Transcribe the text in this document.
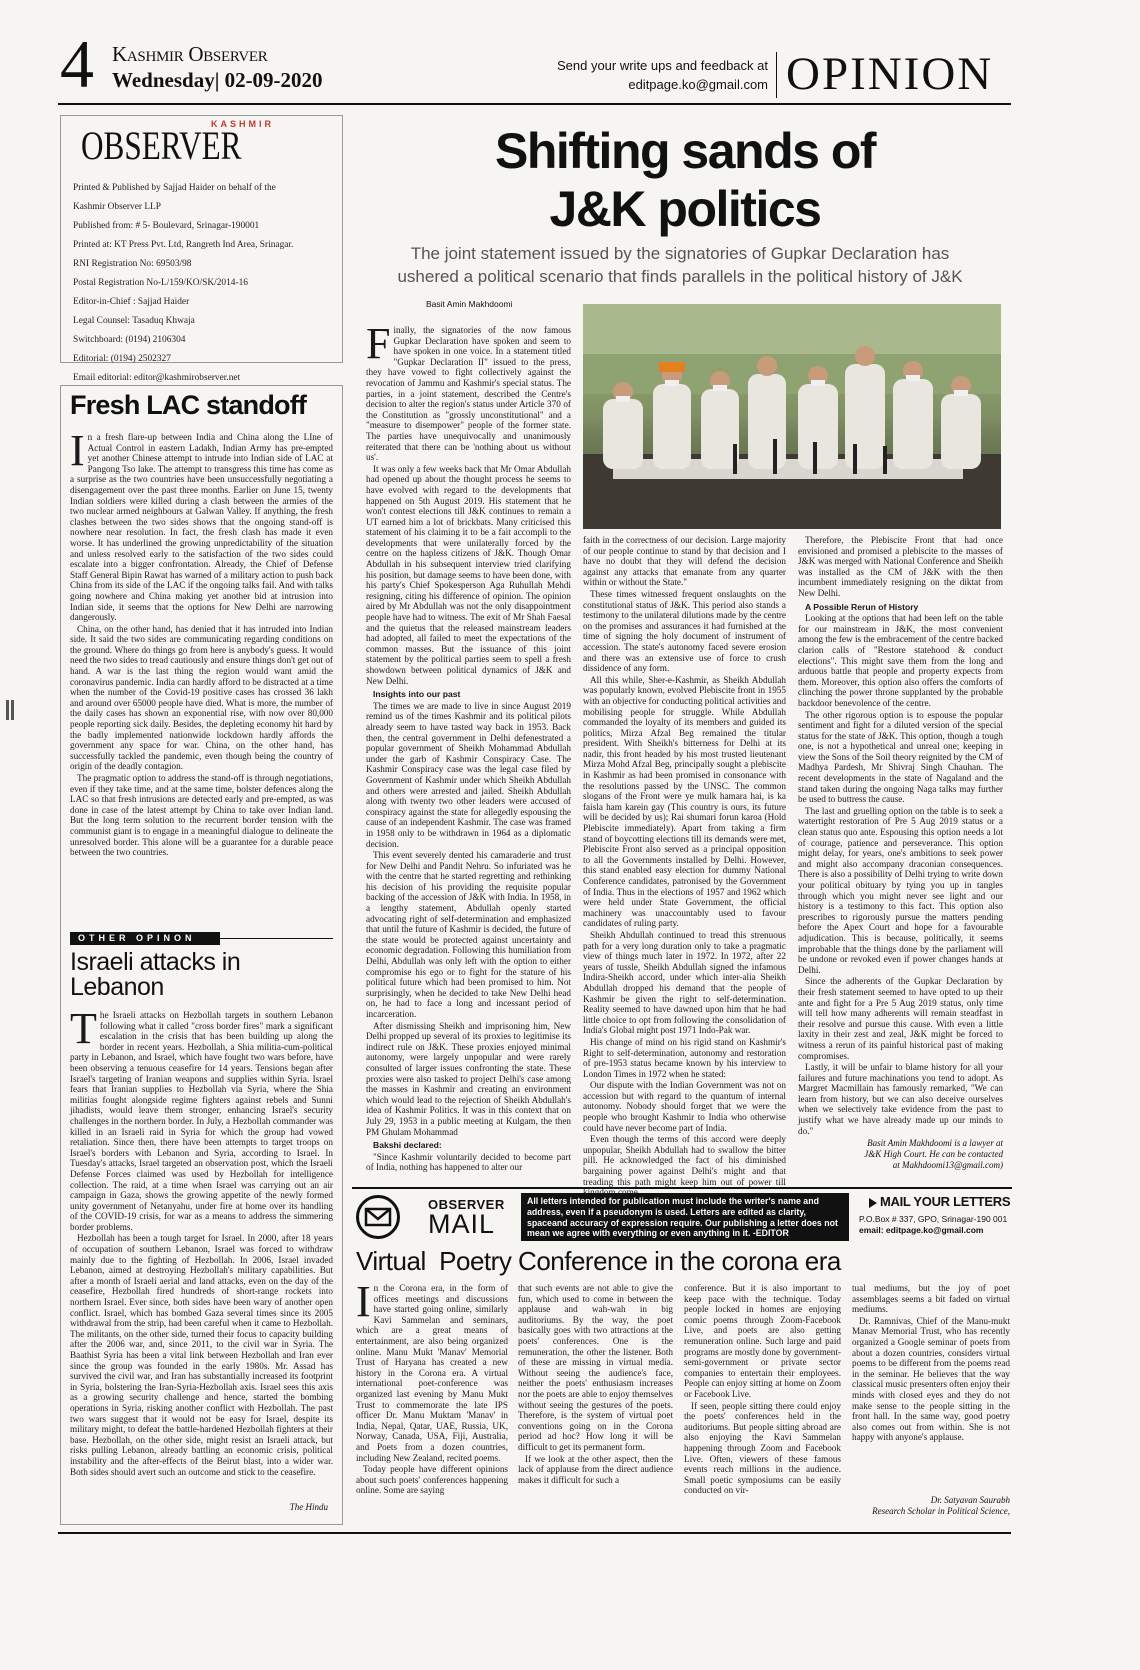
4 Kashmir Observer
Wednesday| 02-09-2020
Send your write ups and feedback at
editpage.ko@gmail.com OPINION
KASHMIR
OBSERVER
Printed & Published by Sajjad Haider on behalf of the
Kashmir Observer LLP
Published from: # 5- Boulevard, Srinagar-190001
Printed at: KT Press Pvt. Ltd, Rangreth Ind Area, Srinagar.
RNI Registration No: 69503/98
Postal Registration No-L/159/KO/SK/2014-16
Editor-in-Chief : Sajjad Haider
Legal Counsel: Tasaduq Khwaja
Switchboard: (0194) 2106304
Editorial: (0194) 2502327
Email editorial: editor@kashmirobserver.net
Fresh LAC standoff

In a fresh flare-up between India and China along the LIne of Actual Control in eastern Ladakh, Indian Army has pre-empted yet another Chinese attempt to intrude into Indian side of LAC at Pangong Tso lake. The attempt to transgress this time has come as a surprise as the two countries have been unsuccessfully negotiating a disengagement over the past three months. Earlier on June 15, twenty Indian soldiers were killed during a clash between the armies of the two nuclear armed neighbours at Galwan Valley. If anything, the fresh clashes between the two sides shows that the ongoing stand-off is nowhere near resolution. In fact, the fresh clash has made it even worse. It has underlined the growing unpredictability of the situation and unless resolved early to the satisfaction of the two sides could escalate into a bigger confrontation. Already, the Chief of Defense Staff General Bipin Rawat has warned of a military action to push back China from its side of the LAC if the ongoing talks fail. And with talks going nowhere and China making yet another bid at intrusion into Indian side, it seems that the options for New Delhi are narrowing dangerously.

China, on the other hand, has denied that it has intruded into Indian side. It said the two sides are communicating regarding conditions on the ground. Where do things go from here is anybody's guess. It would need the two sides to tread cautiously and ensure things don't get out of hand. A war is the last thing the region would want amid the coronavirus pandemic. India can hardly afford to be distracted at a time when the number of the Covid-19 positive cases has crossed 36 lakh and around over 65000 people have died. What is more, the number of the daily cases has shown an exponential rise, with now over 80,000 people reporting sick daily. Besides, the depleting economy hit hard by the badly implemented nationwide lockdown hardly affords the government any space for war. China, on the other hand, has successfully tackled the pandemic, even though being the country of origin of the deadly contagion.

The pragmatic option to address the stand-off is through negotiations, even if they take time, and at the same time, bolster defences along the LAC so that fresh intrusions are detected early and pre-empted, as was done in case of the latest attempt by China to take over Indian land. But the long term solution to the recurrent border tension with the communist giant is to engage in a meaningful dialogue to delineate the unresolved border. This alone will be a guarantee for a durable peace between the two countries.

OTHER OPINON
Israeli attacks in Lebanon

The Israeli attacks on Hezbollah targets in southern Lebanon following what it called "cross border fires" mark a significant escalation in the crisis that has been building up along the border in recent years. Hezbollah, a Shia militia-cum-political party in Lebanon, and Israel, which have fought two wars before, have been observing a tenuous ceasefire for 14 years. Tensions began after Israel's targeting of Iranian weapons and supplies within Syria. Israel fears that Iranian supplies to Hezbollah via Syria, where the Shia militias fought alongside regime fighters against rebels and Sunni jihadists, would leave them stronger, enhancing Israel's security challenges in the northern border. In July, a Hezbollah commander was killed in an Israeli raid in Syria for which the group had vowed retaliation. Since then, there have been attempts to target troops on Israel's borders with Lebanon and Syria, according to Israel. In Tuesday's attacks, Israel targeted an observation post, which the Israeli Defense Forces claimed was used by Hezbollah for intelligence collection. The raid, at a time when Israel was carrying out an air campaign in Gaza, shows the growing appetite of the newly formed unity government of Netanyahu, under fire at home over its handling of the COVID-19 crisis, for war as a means to address the simmering border problems.

Hezbollah has been a tough target for Israel. In 2000, after 18 years of occupation of southern Lebanon, Israel was forced to withdraw mainly due to the fighting of Hezbollah. In 2006, Israel invaded Lebanon, aimed at destroying Hezbollah's military capabilities. But after a month of Israeli aerial and land attacks, even on the day of the ceasefire, Hezbollah fired hundreds of short-range rockets into northern Israel. Ever since, both sides have been wary of another open conflict. Israel, which has bombed Gaza several times since its 2005 withdrawal from the strip, had been careful when it came to Hezbollah. The militants, on the other side, turned their focus to capacity building after the 2006 war, and, since 2011, to the civil war in Syria. The Baathist Syria has been a vital link between Hezbollah and Iran ever since the group was founded in the early 1980s. Mr. Assad has survived the civil war, and Iran has substantially increased its footprint in Syria, bolstering the Iran-Syria-Hezbollah axis. Israel sees this axis as a growing security challenge and hence, started the bombing operations in Syria, risking another conflict with Hezbollah. The past two wars suggest that it would not be easy for Israel, despite its military might, to defeat the battle-hardened Hezbollah fighters at their base. Hezbollah, on the other side, might resist an Israeli attack, but risks pulling Lebanon, already battling an economic crisis, political instability and the after-effects of the Beirut blast, into a wider war. Both sides should avert such an outcome and stick to the ceasefire.

The Hindu
Shifting sands of
J&K politics
The joint statement issued by the signatories of Gupkar Declaration has ushered a political scenario that finds parallels in the political history of J&K
Basit Amin Makhdoomi

Finally, the signatories of the now famous Gupkar Declaration have spoken and seem to have spoken in one voice. In a statement titled "Gupkar Declaration II" issued to the press, they have vowed to fight collectively against the revocation of Jammu and Kashmir's special status. The parties, in a joint statement, described the Centre's decision to alter the region's status under Article 370 of the Constitution as "grossly unconstitutional" and a "measure to disempower" people of the former state. The parties have unequivocally and unanimously reiterated that there can be 'nothing about us without us'.

It was only a few weeks back that Mr Omar Abdullah had opened up about the thought process he seems to have evolved with regard to the developments that happened on 5th August 2019. His statement that he won't contest elections till J&K continues to remain a UT earned him a lot of brickbats. Many criticised this statement of his claiming it to be a fait accompli to the developments that were unilaterally forced by the centre on the hapless citizens of J&K. Though Omar Abdullah in his subsequent interview tried clarifying his position, but damage seems to have been done, with his party's Chief Spokesperson Aga Ruhullah Mehdi resigning, citing his difference of opinion. The opinion aired by Mr Abdullah was not the only disappointment people have had to witness. The exit of Mr Shah Faesal and the quietus that the released mainstream leaders had adopted, all failed to meet the expectations of the common masses. But the issuance of this joint statement by the political parties seem to spell a fresh showdown between political dynamics of J&K and New Delhi.

Insights into our past

The times we are made to live in since August 2019 remind us of the times Kashmir and its political pilots already seem to have tasted way back in 1953. Back then, the central government in Delhi defenestrated a popular government of Sheikh Mohammad Abdullah under the garb of Kashmir Conspiracy Case. The Kashmir Conspiracy case was the legal case filed by Government of Kashmir under which Sheikh Abdullah and others were arrested and jailed. Sheikh Abdullah along with twenty two other leaders were accused of conspiracy against the state for allegedly espousing the cause of an independent Kashmir. The case was framed in 1958 only to be withdrawn in 1964 as a diplomatic decision.

This event severely dented his camaraderie and trust for New Delhi and Pandit Nehru. So infuriated was he with the centre that he started regretting and rethinking his decision of his providing the requisite popular backing of the accession of J&K with India. In 1958, in a lengthy statement, Abdullah openly started advocating right of self-determination and emphasized that until the future of Kashmir is decided, the future of the state would be protected against uncertainty and economic degradation. Following this humiliation from Delhi, Abdullah was only left with the option to either compromise his ego or to fight for the stature of his political future which had been promised to him. Not surprisingly, when he decided to take New Delhi head on, he had to face a long and incessant period of incarceration.

After dismissing Sheikh and imprisoning him, New Delhi propped up several of its proxies to legitimise its indirect rule on J&K. These proxies enjoyed minimal autonomy, were largely unpopular and were rarely consulted of larger issues confronting the state. These proxies were also tasked to project Delhi's case among the masses in Kashmir and creating an environment which would lead to the rejection of Sheikh Abdullah's idea of Kashmir Politics. It was in this context that on July 29, 1953 in a public meeting at Kulgam, the then PM Ghulam Mohammad

Bakshi declared:

"Since Kashmir voluntarily decided to become part of India, nothing has happened to alter our

faith in the correctness of our decision. Large majority of our people continue to stand by that decision and I have no doubt that they will defend the decision against any attacks that emanate from any quarter within or without the State."

These times witnessed frequent onslaughts on the constitutional status of J&K. This period also stands a testimony to the unilateral dilutions made by the centre on the promises and assurances it had furnished at the time of signing the holy document of instrument of accession. The state's autonomy faced severe erosion and there was an extensive use of force to crush dissidence of any form.

All this while, Sher-e-Kashmir, as Sheikh Abdullah was popularly known, evolved Plebiscite front in 1955 with an objective for conducting political activities and mobilising people for struggle. While Abdullah commanded the loyalty of its members and guided its politics, Mirza Afzal Beg remained the titular president. With Sheikh's bitterness for Delhi at its nadir, this front headed by his most trusted lieutenant Mirza Mohd Afzal Beg, principally sought a plebiscite in Kashmir as had been promised in consonance with the resolutions passed by the UNSC. The common slogans of the Front were ye mulk hamara hai, is ka faisla ham karein gay (This country is ours, its future will be decided by us); Rai shumari forun karoa (Hold Plebiscite immediately). Apart from taking a firm stand of boycotting elections till its demands were met, Plebiscite Front also served as a principal opposition to all the Governments installed by Delhi. However, this stand enabled easy election for dummy National Conference candidates, patronised by the Government of India. Thus in the elections of 1957 and 1962 which were held under State Government, the official machinery was unaccountably used to favour candidates of ruling party.

Sheikh Abdullah continued to tread this strenuous path for a very long duration only to take a pragmatic view of things much later in 1972. In 1972, after 22 years of tussle, Sheikh Abdullah signed the infamous Indira-Sheikh accord, under which inter-alia Sheikh Abdullah dropped his demand that the people of Kashmir be given the right to self-determination. Reality seemed to have dawned upon him that he had little choice to opt from following the consolidation of India's Global might post 1971 Indo-Pak war.

His change of mind on his rigid stand on Kashmir's Right to self-determination, autonomy and restoration of pre-1953 status became known by his interview to London Times in 1972 when he stated:

Our dispute with the Indian Government was not on accession but with regard to the quantum of internal autonomy. Nobody should forget that we were the people who brought Kashmir to India who otherwise could have never become part of India.

Even though the terms of this accord were deeply unpopular, Sheikh Abdullah had to swallow the bitter pill. He acknowledged the fact of his diminished bargaining power against Delhi's might and that treading this path might keep him out of power till

Therefore, the Plebiscite Front that had once envisioned and promised a plebiscite to the masses of J&K was merged with National Conference and Sheikh was installed as the CM of J&K with the then incumbent immediately resigning on the diktat from New Delhi.

A Possible Rerun of History

Looking at the options that had been left on the table for our mainstream in J&K, the most convenient among the few is the embracement of the centre backed clarion calls of "Restore statehood & conduct elections". This might save them from the long and arduous battle that people and property expects from them. Moreover, this option also offers the comforts of clinching the power throne supplanted by the probable backdoor benevolence of the centre.

The other rigorous option is to espouse the popular sentiment and fight for a diluted version of the special status for the state of J&K. This option, though a tough one, is not a hypothetical and unreal one; keeping in view the Sons of the Soil theory reignited by the CM of Madhya Pardesh, Mr Shivraj Singh Chauhan. The recent developments in the state of Nagaland and the stand taken during the ongoing Naga talks may further be used to buttress the cause.

The last and gruelling option on the table is to seek a watertight restoration of Pre 5 Aug 2019 status or a clean status quo ante. Espousing this option needs a lot of courage, patience and perseverance. This option might delay, for years, one's ambitions to seek power and might also accompany draconian consequences. There is also a possibility of Delhi trying to write down your political obituary by tying you up in tangles through which you might never see light and our history is a testimony to this fact. This option also prescribes to rigorously pursue the matters pending before the Apex Court and hope for a favourable adjudication. This is because, politically, it seems improbable that the things done by the parliament will be undone or revoked even if power changes hands at Delhi.

Since the adherents of the Gupkar Declaration by their fresh statement seemed to have opted to up their ante and fight for a Pre 5 Aug 2019 status, only time will tell how many adherents will remain steadfast in their resolve and pursue this cause. With even a little laxity in their zest and zeal, J&K might be forced to witness a rerun of its painful historical past of making compromises.

Lastly, it will be unfair to blame history for all your failures and future machinations you tend to adopt. As Margret Macmillain has famously remarked, "We can learn from history, but we can also deceive ourselves when we selectively take evidence from the past to justify what we have already made up our minds to do."

Basit Amin Makhdoomi is a lawyer at J&K High Court. He can be contacted at Makhdoomi13@gmail.com)
OBSERVER
MAIL
All letters intended for publication must include the writer's name and address, even if a pseudonym is used. Letters are edited as clarity, spaceand accuracy of expression require. Our publishing a letter does not mean we agree with everything or even anything in it. -EDITOR
MAIL YOUR LETTERS
P.O.Box # 337, GPO, Srinagar-190 001
email: editpage.ko@gmail.com
Virtual  Poetry Conference in the corona era

In the Corona era, in the form of offices meetings and discussions have started going online, similarly Kavi Sammelan and seminars, which are a great means of entertainment, are also being organized online. Manu Mukt 'Manav' Memorial Trust of Haryana has created a new history in the Corona era. A virtual international poet-conference was organized last evening by Manu Mukt Trust to commemorate the late IPS officer Dr. Manu Muktam 'Manav' in India, Nepal, Qatar, UAE, Russia, UK, Norway, Canada, USA, Fiji, Australia, and Poets from a dozen countries, including New Zealand, recited poems.

Today people have different opinions about such poets' conferences happening online. Some are saying

that such events are not able to give the fun, which used to come in between the applause and wah-wah in big auditoriums. By the way, the poet basically goes with two attractions at the poets' conferences. One is the remuneration, the other the listener. Both of these are missing in virtual media. Without seeing the audience's face, neither the poets' enthusiasm increases nor the poets are able to enjoy themselves without seeing the gestures of the poets. Therefore, is the system of virtual poet conventions going on in the Corona period ad hoc? How long it will be difficult to get its permanent form.

If we look at the other aspect, then the lack of applause from the direct audience makes it difficult for such a

conference. But it is also important to keep pace with the technique. Today people locked in homes are enjoying comic poems through Zoom-Facebook Live, and poets are also getting remuneration online. Such large and paid programs are mostly done by government-semi-government or private sector companies to entertain their employees. People can enjoy sitting at home on Zoom or Facebook Live.

If seen, people sitting there could enjoy the poets' conferences held in the auditoriums. But people sitting abroad are also enjoying the Kavi Sammelan happening through Zoom and Facebook Live. Often, viewers of these famous events reach millions in the audience. Small poetic symposiums can be easily conducted on vir-

tual mediums, but the joy of poet assemblages seems a bit faded on virtual mediums.

Dr. Ramnivas, Chief of the Manu-mukt Manav Memorial Trust, who has recently organized a Google seminar of poets from about a dozen countries, considers virtual poems to be different from the poems read in the seminar. He believes that the way classical music presenters often enjoy their minds with closed eyes and they do not make sense to the people sitting in the front hall. In the same way, good poetry also comes out from within. She is not happy with anyone's applause.

Dr. Satyavan Saurabh
Research Scholar in Political Science,
